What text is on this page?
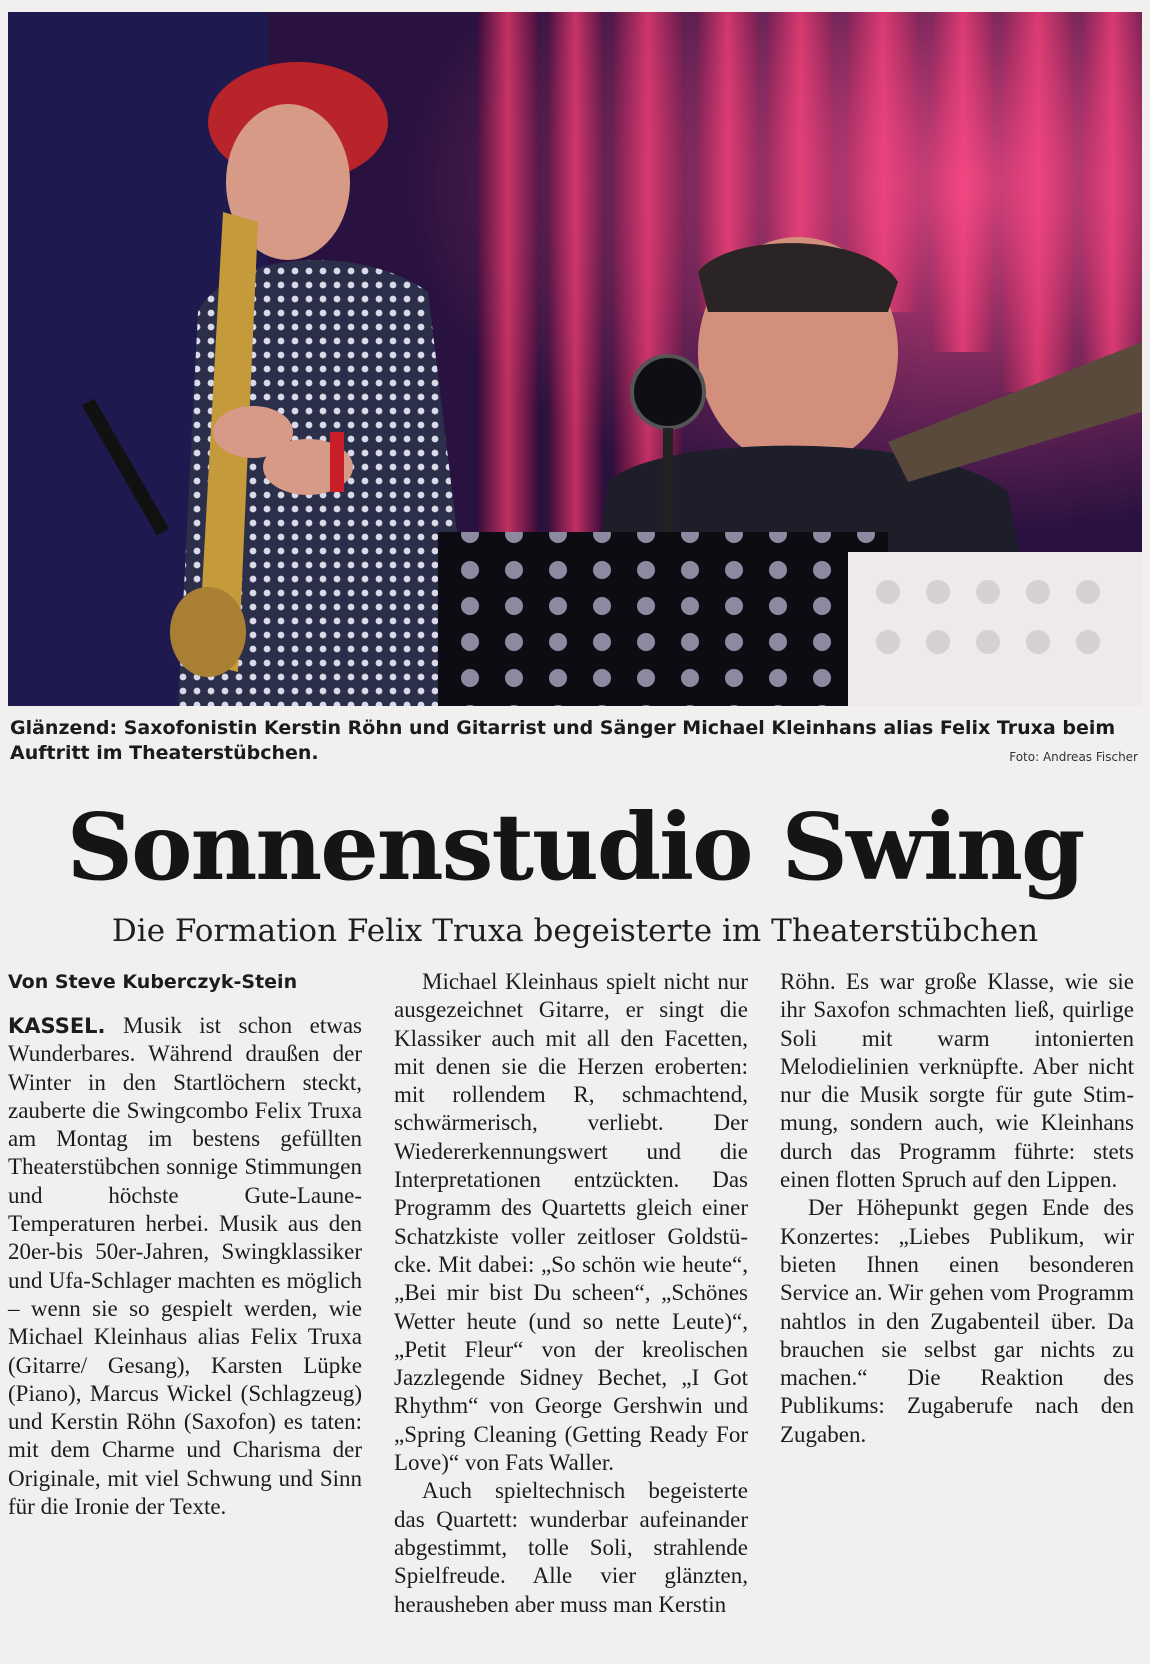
Glänzend: Saxofonistin Kerstin Röhn und Gitarrist und Sänger Michael Kleinhans alias Felix Truxa beim Auftritt im Theaterstübchen.	Foto: Andreas Fischer
Sonnenstudio Swing
Die Formation Felix Truxa begeisterte im Theaterstübchen
Von Steve Kuberczyk-Stein

KASSEL. Musik ist schon etwas Wunderbares. Während draußen der Winter in den Startlöchern steckt, zauberte die Swingcombo Felix Truxa am Montag im bestens gefüllten Theaterstübchen sonnige Stimmungen und höchste Gute-Laune-Temperaturen herbei. Musik aus den 20er-bis 50er-Jahren, Swingklassiker und Ufa-Schlager machten es möglich – wenn sie so gespielt werden, wie Michael Kleinhaus alias Felix Truxa (Gitarre/ Gesang), Karsten Lüpke (Piano), Marcus Wickel (Schlagzeug) und Kerstin Röhn (Saxofon) es taten: mit dem Charme und Charisma der Originale, mit viel Schwung und Sinn für die Ironie der Texte.

Michael Kleinhaus spielt nicht nur ausgezeichnet Gitarre, er singt die Klassiker auch mit all den Facetten, mit denen sie die Herzen eroberten: mit rollendem R, schmachtend, schwärmerisch, verliebt. Der Wiedererkennungswert und die Interpretationen entzückten. Das Programm des Quartetts gleich einer Schatzkiste voller zeitloser Goldstücke. Mit dabei: „So schön wie heute“, „Bei mir bist Du scheen“, „Schönes Wetter heute (und so nette Leute)“, „Petit Fleur“ von der kreolischen Jazzlegende Sidney Bechet, „I Got Rhythm“ von George Gershwin und „Spring Cleaning (Getting Ready For Love)“ von Fats Waller.

Auch spieltechnisch begeisterte das Quartett: wunderbar aufeinander abgestimmt, tolle Soli, strahlende Spielfreude. Alle vier glänzten, herausheben aber muss man Kerstin

Röhn. Es war große Klasse, wie sie ihr Saxofon schmachten ließ, quirlige Soli mit warm intonierten Melodielinien verknüpfte. Aber nicht nur die Musik sorgte für gute Stimmung, sondern auch, wie Kleinhans durch das Programm führte: stets einen flotten Spruch auf den Lippen.

Der Höhepunkt gegen Ende des Konzertes: „Liebes Publikum, wir bieten Ihnen einen besonderen Service an. Wir gehen vom Programm nahtlos in den Zugabenteil über. Da brauchen sie selbst gar nichts zu machen.“ Die Reaktion des Publikums: Zugaberufe nach den Zugaben.
